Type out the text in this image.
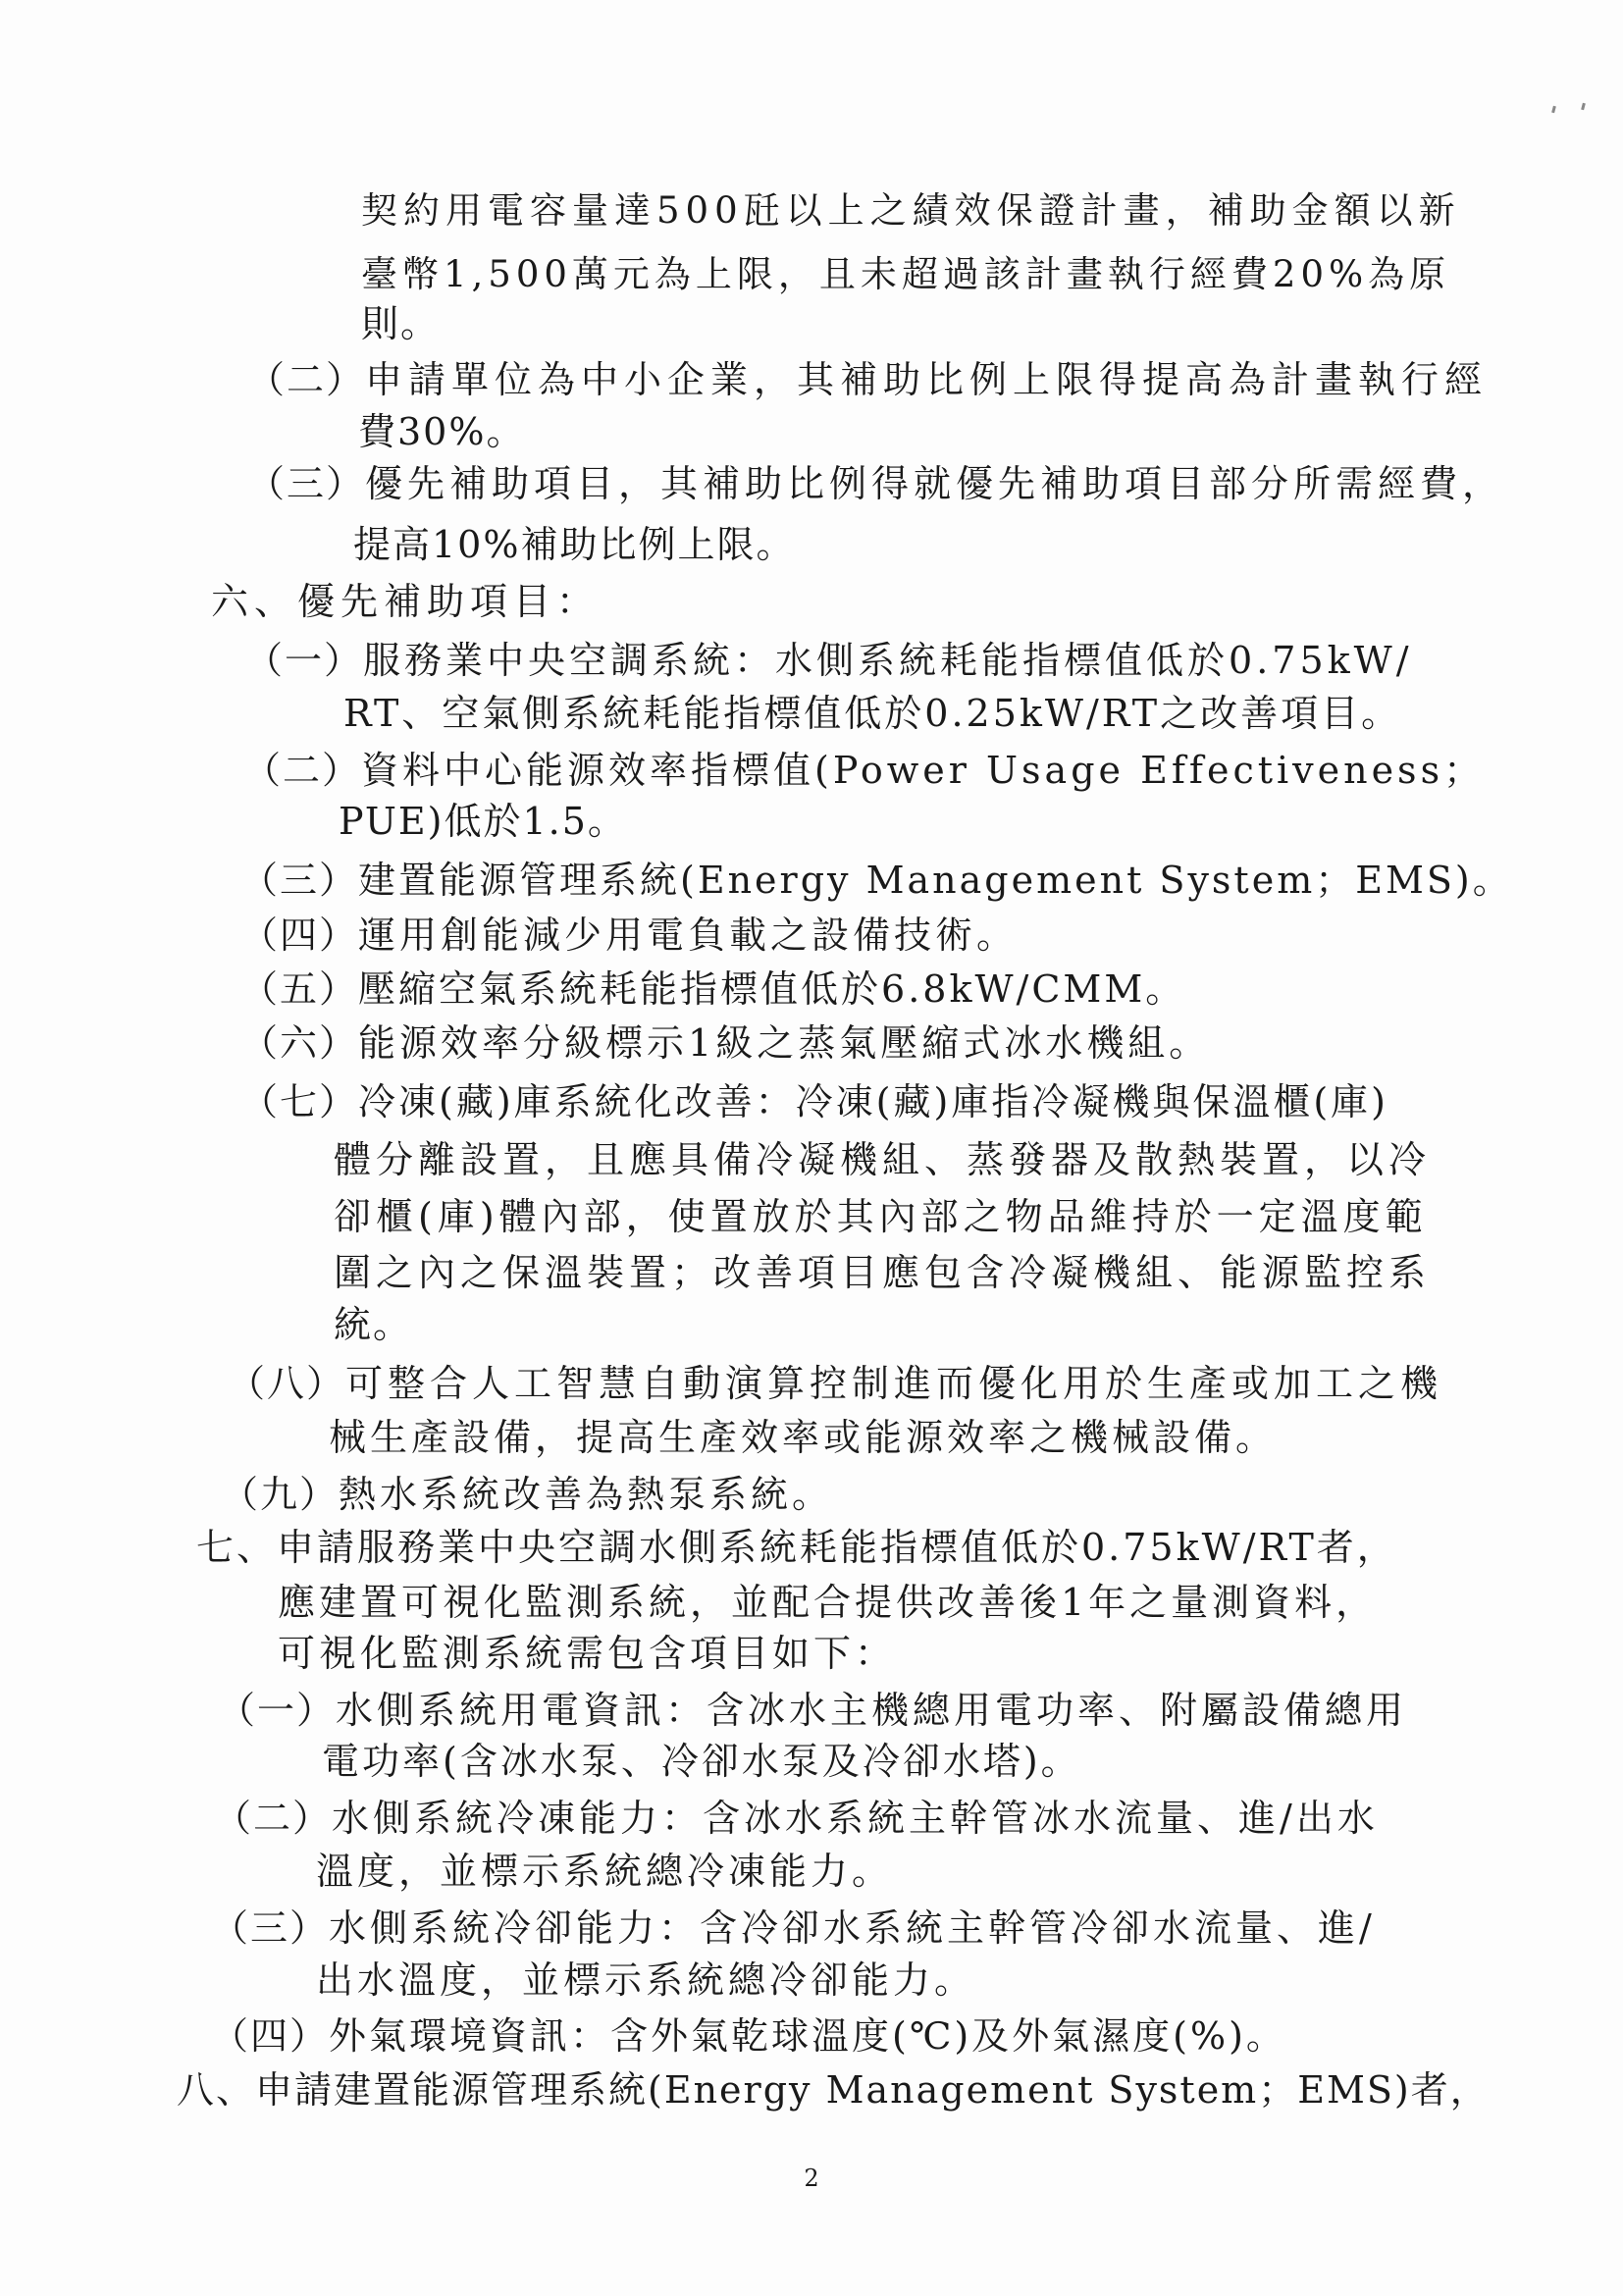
契約用電容量達500瓩以上之績效保證計畫，補助金額以新
臺幣1,500萬元為上限，且未超過該計畫執行經費20%為原
則。
（二）申請單位為中小企業，其補助比例上限得提高為計畫執行經
費30%。
（三）優先補助項目，其補助比例得就優先補助項目部分所需經費，
提高10%補助比例上限。
六、優先補助項目：
（一）服務業中央空調系統：水側系統耗能指標值低於0.75kW/
RT、空氣側系統耗能指標值低於0.25kW/RT之改善項目。
（二）資料中心能源效率指標值(Power Usage Effectiveness；
PUE)低於1.5。
（三）建置能源管理系統(Energy Management System；EMS)。
（四）運用創能減少用電負載之設備技術。
（五）壓縮空氣系統耗能指標值低於6.8kW/CMM。
（六）能源效率分級標示1級之蒸氣壓縮式冰水機組。
（七）冷凍(藏)庫系統化改善：冷凍(藏)庫指冷凝機與保溫櫃(庫)
體分離設置，且應具備冷凝機組、蒸發器及散熱裝置，以冷
卻櫃(庫)體內部，使置放於其內部之物品維持於一定溫度範
圍之內之保溫裝置；改善項目應包含冷凝機組、能源監控系
統。
（八）可整合人工智慧自動演算控制進而優化用於生產或加工之機
械生產設備，提高生產效率或能源效率之機械設備。
（九）熱水系統改善為熱泵系統。
七、申請服務業中央空調水側系統耗能指標值低於0.75kW/RT者，
應建置可視化監測系統，並配合提供改善後1年之量測資料，
可視化監測系統需包含項目如下：
（一）水側系統用電資訊：含冰水主機總用電功率、附屬設備總用
電功率(含冰水泵、冷卻水泵及冷卻水塔)。
（二）水側系統冷凍能力：含冰水系統主幹管冰水流量、進/出水
溫度，並標示系統總冷凍能力。
（三）水側系統冷卻能力：含冷卻水系統主幹管冷卻水流量、進/
出水溫度，並標示系統總冷卻能力。
（四）外氣環境資訊：含外氣乾球溫度(℃)及外氣濕度(%)。
八、申請建置能源管理系統(Energy Management System；EMS)者，
2
